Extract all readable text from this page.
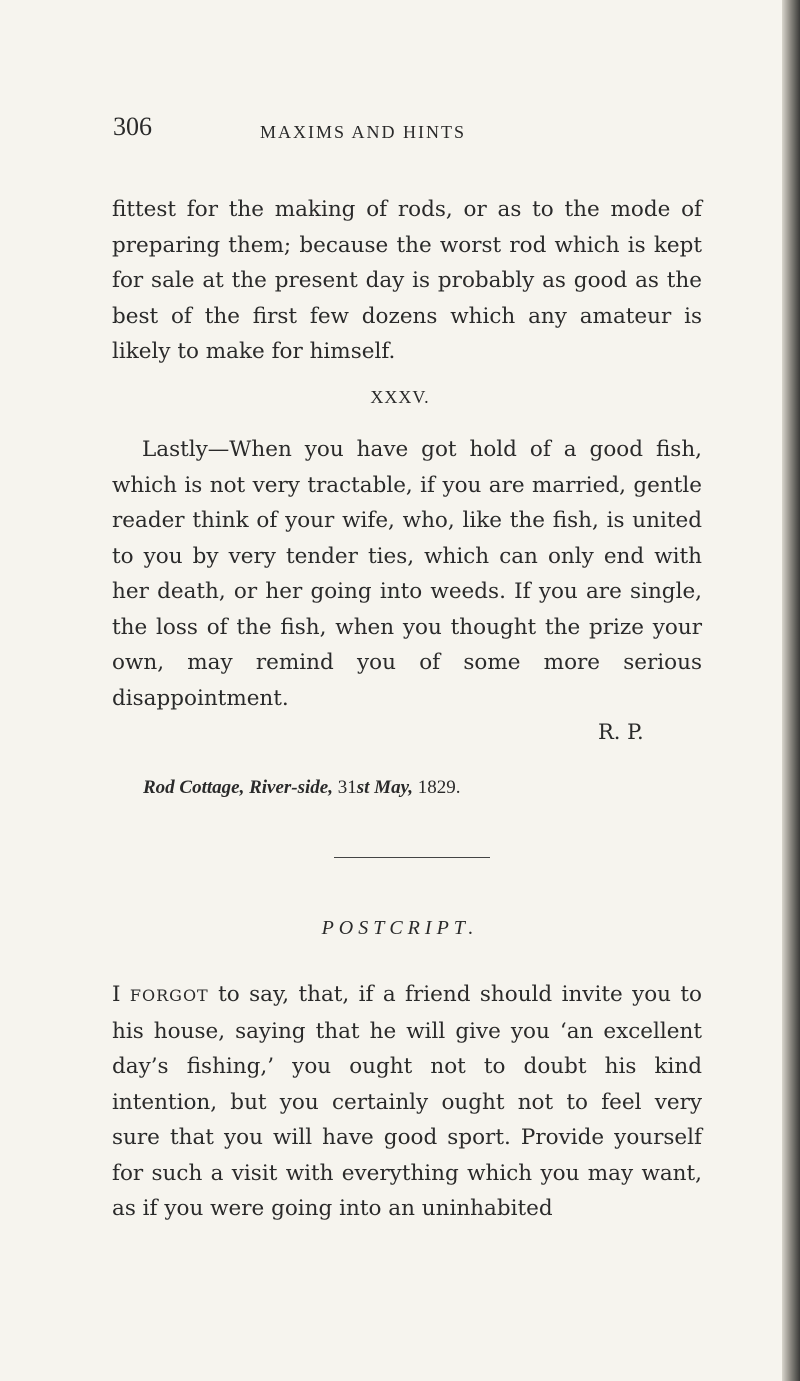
306	MAXIMS AND HINTS

fittest for the making of rods, or as to the mode of preparing them; because the worst rod which is kept for sale at the present day is probably as good as the best of the first few dozens which any amateur is likely to make for himself.

XXXV.

Lastly—When you have got hold of a good fish, which is not very tractable, if you are married, gentle reader think of your wife, who, like the fish, is united to you by very tender ties, which can only end with her death, or her going into weeds. If you are single, the loss of the fish, when you thought the prize your own, may remind you of some more serious disappointment.

R. P.
Rod Cottage, River-side, 31st May, 1829.
POSTCRIPT.

I FORGOT to say, that, if a friend should invite you to his house, saying that he will give you ‘an excellent day’s fishing,’ you ought not to doubt his kind intention, but you certainly ought not to feel very sure that you will have good sport. Provide yourself for such a visit with everything which you may want, as if you were going into an uninhabited
